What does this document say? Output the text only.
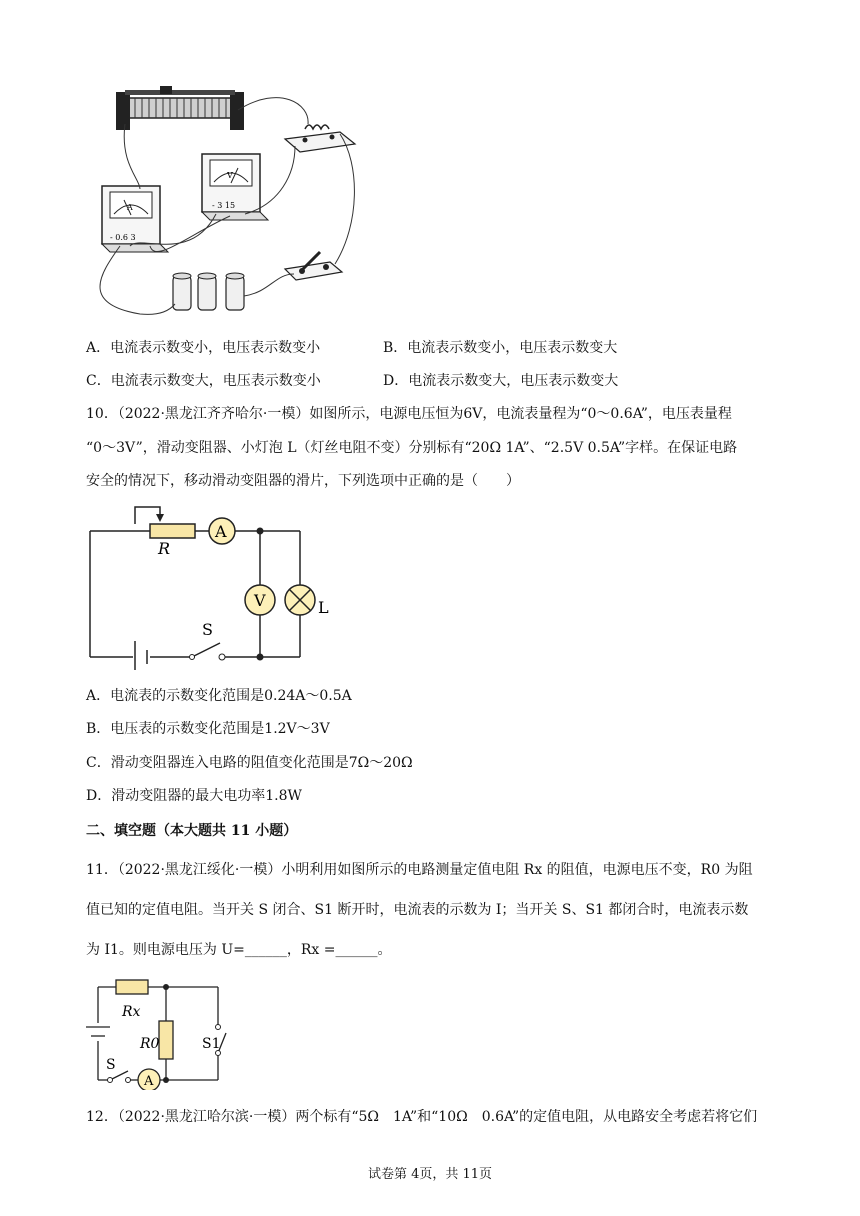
V
- 3 15
A
- 0.6 3
A．电流表示数变小，电压表示数变小	B．电流表示数变小，电压表示数变大
C．电流表示数变大，电压表示数变小	D．电流表示数变大，电压表示数变大
10．（2022·黑龙江齐齐哈尔·一模）如图所示，电源电压恒为6V，电流表量程为“0～0.6A”，电压表量程
“0～3V”，滑动变阻器、小灯泡 L（灯丝电阻不变）分别标有“20Ω 1A”、“2.5V 0.5A”字样。在保证电路
安全的情况下，移动滑动变阻器的滑片，下列选项中正确的是（　　）
R
A
V	L
S
A．电流表的示数变化范围是0.24A～0.5A
B．电压表的示数变化范围是1.2V～3V
C．滑动变阻器连入电路的阻值变化范围是7Ω～20Ω
D．滑动变阻器的最大电功率1.8W
二、填空题（本大题共 11 小题）
11．（2022·黑龙江绥化·一模）小明利用如图所示的电路测量定值电阻 Rx 的阻值，电源电压不变，R0 为阻
值已知的定值电阻。当开关 S 闭合、S1 断开时，电流表的示数为 I；当开关 S、S1 都闭合时，电流表示数
为 I1。则电源电压为 U=______，Rx =______。
Rx
R0	S1
S
A
12．（2022·黑龙江哈尔滨·一模）两个标有“5Ω　1A”和“10Ω　0.6A”的定值电阻，从电路安全考虑若将它们
试卷第 4页，共 11页
